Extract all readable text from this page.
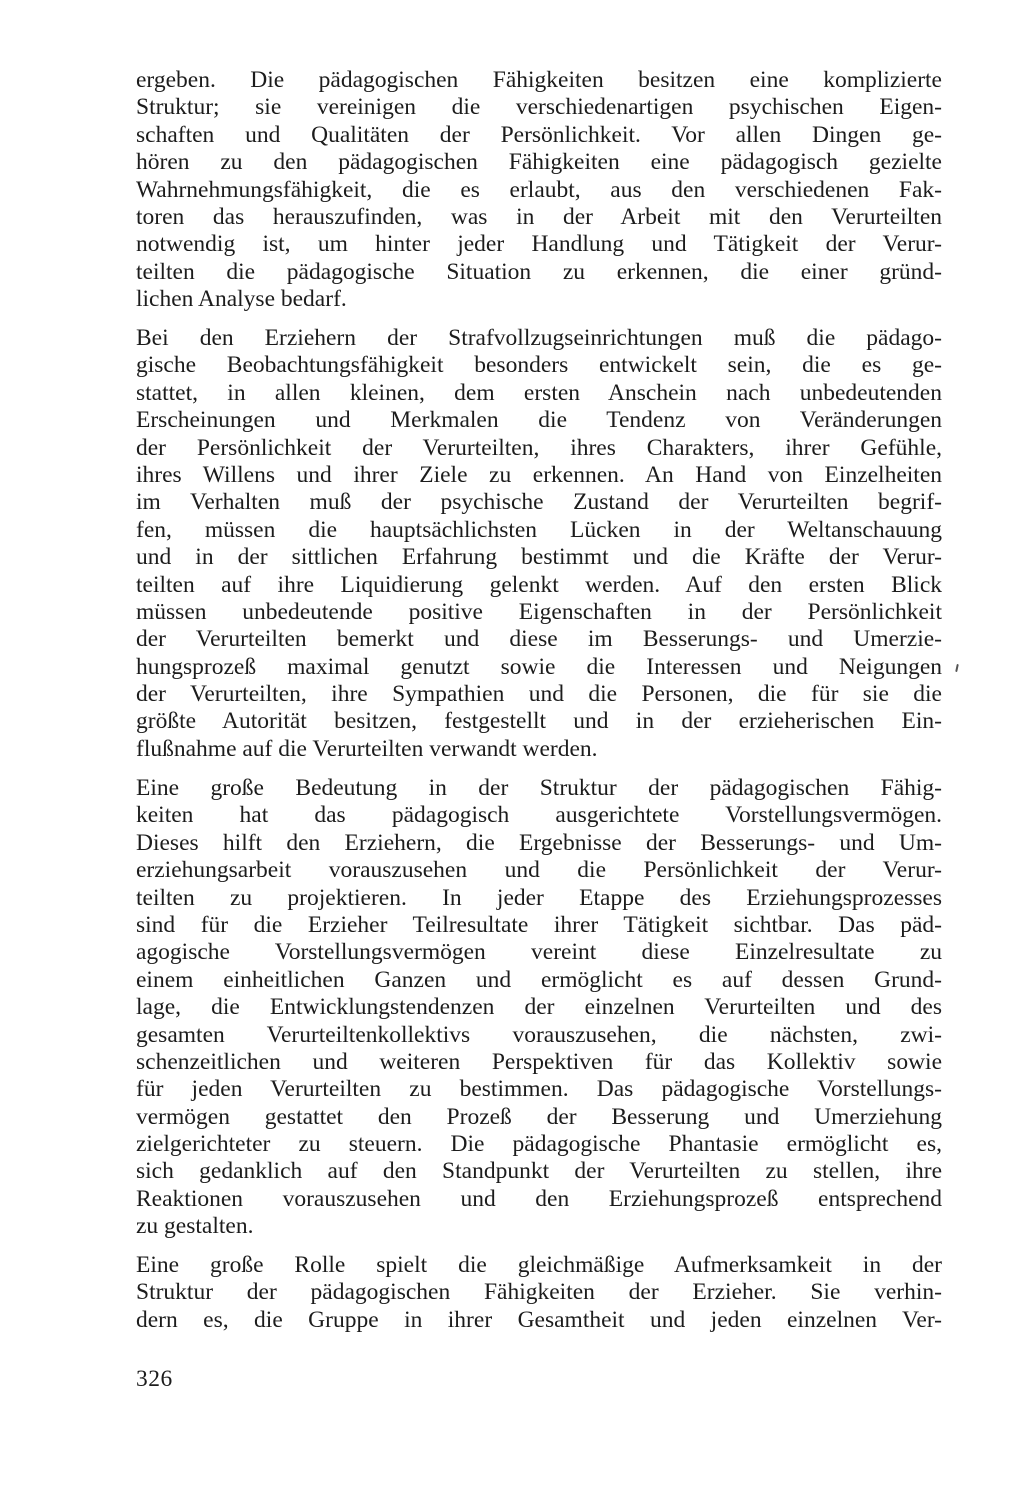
ergeben. Die pädagogischen Fähigkeiten besitzen eine komplizierte
Struktur; sie vereinigen die verschiedenartigen psychischen Eigen-
schaften und Qualitäten der Persönlichkeit. Vor allen Dingen ge-
hören zu den pädagogischen Fähigkeiten eine pädagogisch gezielte
Wahrnehmungsfähigkeit, die es erlaubt, aus den verschiedenen Fak-
toren das herauszufinden, was in der Arbeit mit den Verurteilten
notwendig ist, um hinter jeder Handlung und Tätigkeit der Verur-
teilten die pädagogische Situation zu erkennen, die einer gründ-
lichen Analyse bedarf.
Bei den Erziehern der Strafvollzugseinrichtungen muß die pädago-
gische Beobachtungsfähigkeit besonders entwickelt sein, die es ge-
stattet, in allen kleinen, dem ersten Anschein nach unbedeutenden
Erscheinungen und Merkmalen die Tendenz von Veränderungen
der Persönlichkeit der Verurteilten, ihres Charakters, ihrer Gefühle,
ihres Willens und ihrer Ziele zu erkennen. An Hand von Einzelheiten
im Verhalten muß der psychische Zustand der Verurteilten begrif-
fen, müssen die hauptsächlichsten Lücken in der Weltanschauung
und in der sittlichen Erfahrung bestimmt und die Kräfte der Verur-
teilten auf ihre Liquidierung gelenkt werden. Auf den ersten Blick
müssen unbedeutende positive Eigenschaften in der Persönlichkeit
der Verurteilten bemerkt und diese im Besserungs- und Umerzie-
hungsprozeß maximal genutzt sowie die Interessen und Neigungen
der Verurteilten, ihre Sympathien und die Personen, die für sie die
größte Autorität besitzen, festgestellt und in der erzieherischen Ein-
flußnahme auf die Verurteilten verwandt werden.
Eine große Bedeutung in der Struktur der pädagogischen Fähig-
keiten hat das pädagogisch ausgerichtete Vorstellungsvermögen.
Dieses hilft den Erziehern, die Ergebnisse der Besserungs- und Um-
erziehungsarbeit vorauszusehen und die Persönlichkeit der Verur-
teilten zu projektieren. In jeder Etappe des Erziehungsprozesses
sind für die Erzieher Teilresultate ihrer Tätigkeit sichtbar. Das päd-
agogische Vorstellungsvermögen vereint diese Einzelresultate zu
einem einheitlichen Ganzen und ermöglicht es auf dessen Grund-
lage, die Entwicklungstendenzen der einzelnen Verurteilten und des
gesamten Verurteiltenkollektivs vorauszusehen, die nächsten, zwi-
schenzeitlichen und weiteren Perspektiven für das Kollektiv sowie
für jeden Verurteilten zu bestimmen. Das pädagogische Vorstellungs-
vermögen gestattet den Prozeß der Besserung und Umerziehung
zielgerichteter zu steuern. Die pädagogische Phantasie ermöglicht es,
sich gedanklich auf den Standpunkt der Verurteilten zu stellen, ihre
Reaktionen vorauszusehen und den Erziehungsprozeß entsprechend
zu gestalten.
Eine große Rolle spielt die gleichmäßige Aufmerksamkeit in der
Struktur der pädagogischen Fähigkeiten der Erzieher. Sie verhin-
dern es, die Gruppe in ihrer Gesamtheit und jeden einzelnen Ver-
326
